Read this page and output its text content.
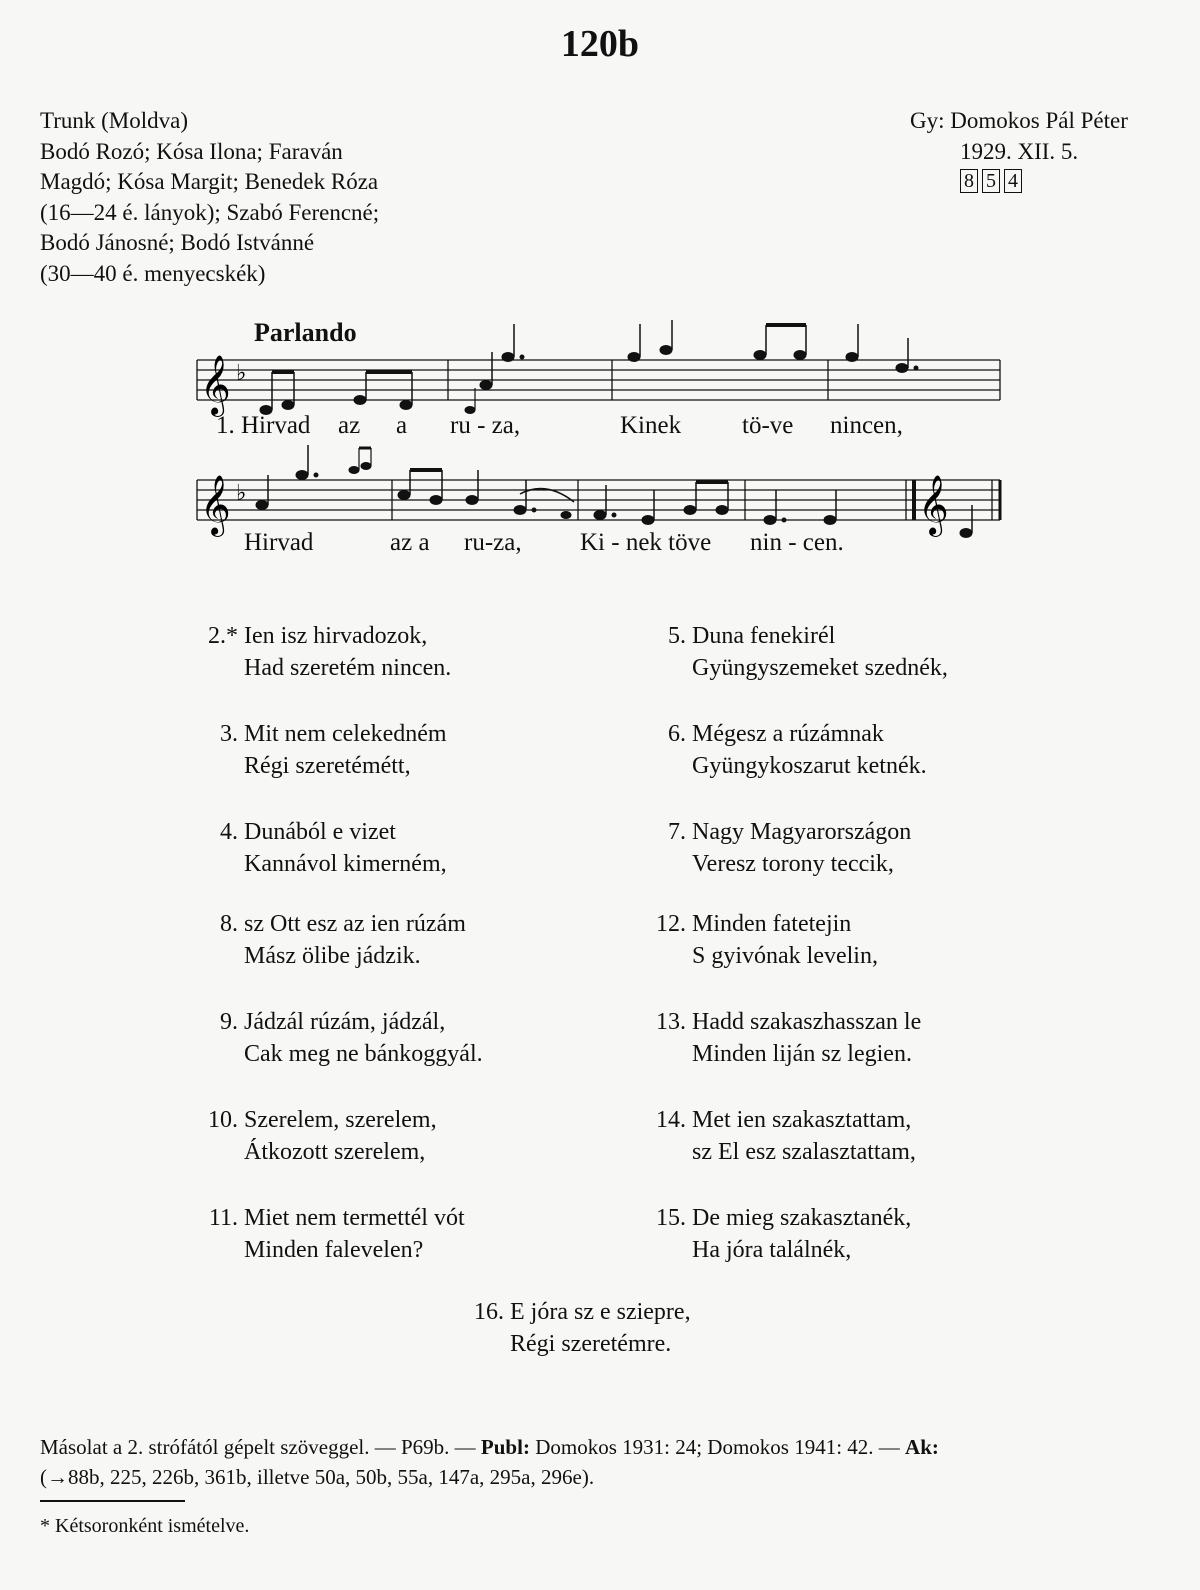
120b
Trunk (Moldva)
Bodó Rozó; Kósa Ilona; Faraván
Magdó; Kósa Margit; Benedek Róza
(16—24 é. lányok); Szabó Ferencné;
Bodó Jánosné; Bodó Istvánné
(30—40 é. menyecskék)
Gy: Domokos Pál Péter
1929. XII. 5.
8 5 4
Parlando
𝄞 ♭
𝄞 ♭	𝄞
1. Hirvad az a ru - za,	Kinek tö-ve nincen,
Hirvad	az a ru-za, Ki - nek töve nin - cen.
2.* Ien isz hirvadozok,
Had szeretém nincen.
3. Mit nem celekedném
Régi szeretémétt,
4. Dunából e vizet
Kannávol kimerném,
8. sz Ott esz az ien rúzám
Mász ölibe jádzik.
9. Jádzál rúzám, jádzál,
Cak meg ne bánkoggyál.
10. Szerelem, szerelem,
Átkozott szerelem,
11. Miet nem termettél vót
Minden falevelen?
5. Duna fenekirél
Gyüngyszemeket szednék,
6. Mégesz a rúzámnak
Gyüngykoszarut ketnék.
7. Nagy Magyarországon
Veresz torony teccik,
12. Minden fatetejin
S gyivónak levelin,
13. Hadd szakaszhasszan le
Minden liján sz legien.
14. Met ien szakasztattam,
sz El esz szalasztattam,
15. De mieg szakasztanék,
Ha jóra találnék,
16. E jóra sz e sziepre,
Régi szeretémre.
Másolat a 2. strófától gépelt szöveggel. — P69b. — Publ: Domokos 1931: 24; Domokos 1941: 42. — Ak:
(→88b, 225, 226b, 361b, illetve 50a, 50b, 55a, 147a, 295a, 296e).
* Kétsoronként ismételve.
